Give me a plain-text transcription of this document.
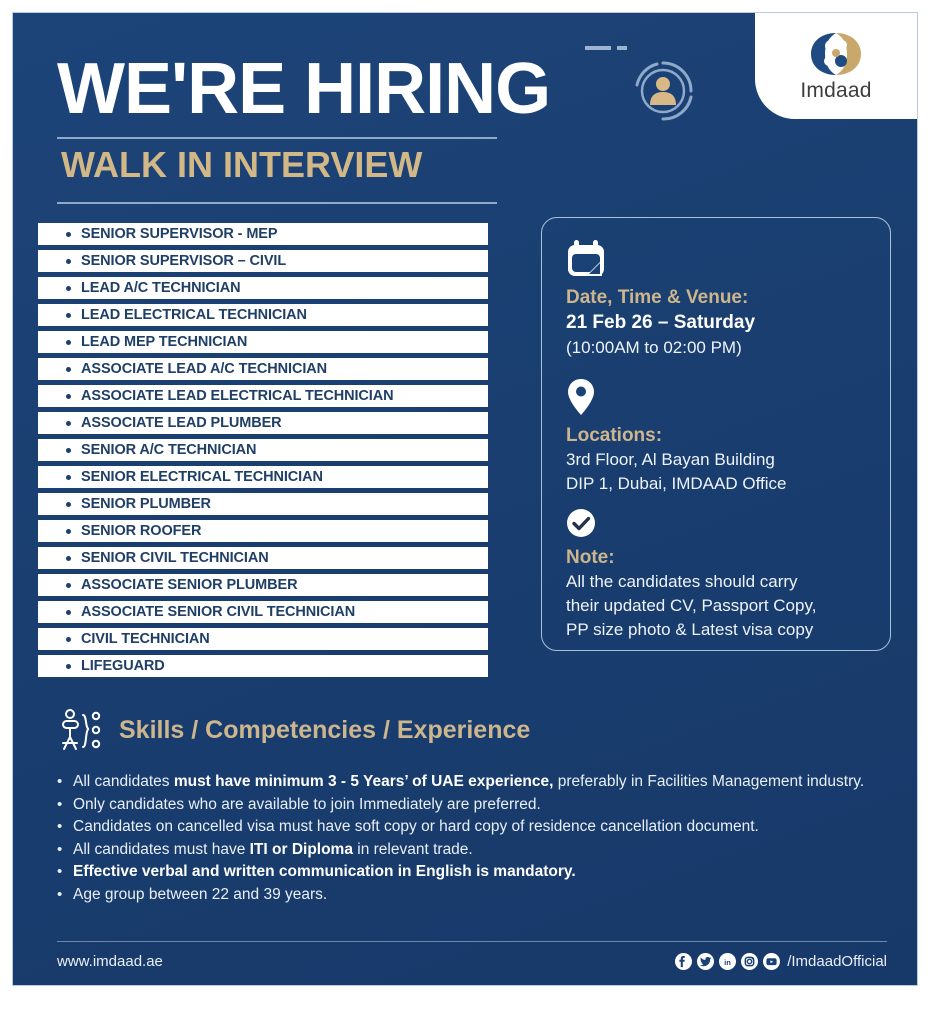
Imdaad
WE'RE HIRING
WALK IN INTERVIEW
SENIOR SUPERVISOR - MEP
SENIOR SUPERVISOR – CIVIL
LEAD A/C TECHNICIAN
LEAD ELECTRICAL TECHNICIAN
LEAD MEP TECHNICIAN
ASSOCIATE LEAD A/C TECHNICIAN
ASSOCIATE LEAD ELECTRICAL TECHNICIAN
ASSOCIATE LEAD PLUMBER
SENIOR A/C TECHNICIAN
SENIOR ELECTRICAL TECHNICIAN
SENIOR PLUMBER
SENIOR ROOFER
SENIOR CIVIL TECHNICIAN
ASSOCIATE SENIOR PLUMBER
ASSOCIATE SENIOR CIVIL TECHNICIAN
CIVIL TECHNICIAN
LIFEGUARD
Date, Time & Venue:
21 Feb 26 – Saturday
(10:00AM to 02:00 PM)
Locations:
3rd Floor, Al Bayan Building
DIP 1, Dubai, IMDAAD Office
Note:
All the candidates should carry
their updated CV, Passport Copy,
PP size photo & Latest visa copy
Skills / Competencies / Experience
• All candidates must have minimum 3 - 5 Years’ of UAE experience, preferably in Facilities Management industry.
• Only candidates who are available to join Immediately are preferred.
• Candidates on cancelled visa must have soft copy or hard copy of residence cancellation document.
• All candidates must have ITI or Diploma in relevant trade.
• Effective verbal and written communication in English is mandatory.
• Age group between 22 and 39 years.
www.imdaad.ae	in	/ImdaadOfficial
